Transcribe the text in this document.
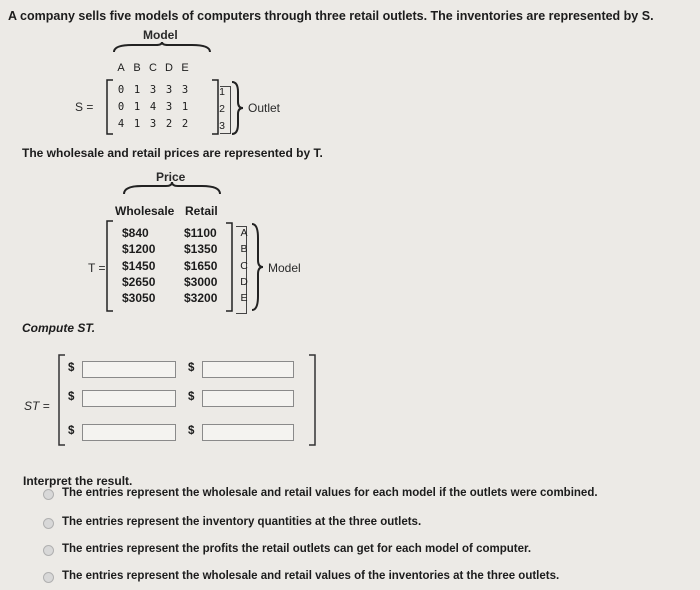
A company sells five models of computers through three retail outlets. The inventories are represented by S.
Model
A B C D E
S =
0 1 3 3 3
0 1 4 3 1
4 1 3 2 2
1
2
3
Outlet
The wholesale and retail prices are represented by T.
Price
Wholesale Retail
T =
$840	$1100
$1200 $1350
$1450 $1650
$2650 $3000
$3050 $3200
A
B
C
D
E
Model
Compute ST.
ST =
$	$
$	$
$	$
Interpret the result.
The entries represent the wholesale and retail values for each model if the outlets were combined.
The entries represent the inventory quantities at the three outlets.
The entries represent the profits the retail outlets can get for each model of computer.
The entries represent the wholesale and retail values of the inventories at the three outlets.
